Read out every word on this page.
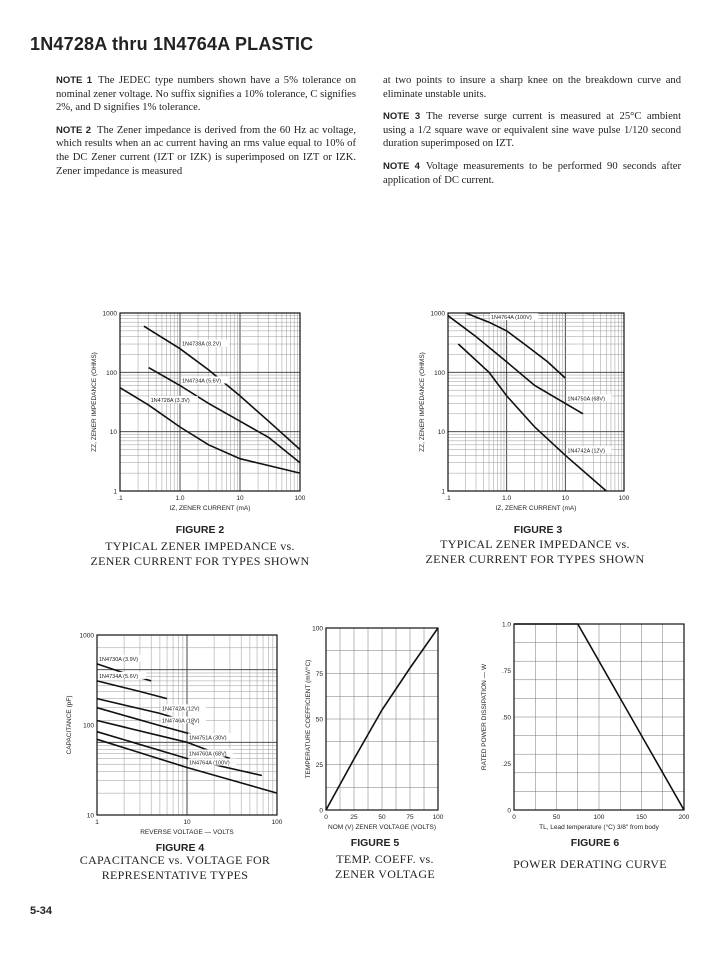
1N4728A thru 1N4764A PLASTIC

NOTE 1 The JEDEC type numbers shown have a 5% tolerance on nominal zener voltage. No suffix signifies a 10% tolerance, C signifies 2%, and D signifies 1% tolerance.

NOTE 2 The Zener impedance is derived from the 60 Hz ac voltage, which results when an ac current having an rms value equal to 10% of the DC Zener current (IZT or IZK) is superimposed on IZT or IZK. Zener impedance is measured

at two points to insure a sharp knee on the breakdown curve and eliminate unstable units.

NOTE 3 The reverse surge current is measured at 25°C ambient using a 1/2 square wave or equivalent sine wave pulse 1/120 second duration superimposed on IZT.

NOTE 4 Voltage measurements to be performed 90 seconds after application of DC current.

1N4738A (8.2V)
1N4734A (5.6V)
1N4728A (3.3V)
.1	1.0	10	100
1000
100
10
1
IZ, ZENER CURRENT (mA)
ZZ, ZENER IMPEDANCE (OHMS)
FIGURE 2
TYPICAL ZENER IMPEDANCE vs.
ZENER CURRENT FOR TYPES SHOWN
1N4764A (100V)
1N4750A (68V)
1N4742A (12V)
.1	1.0	10	100
1000
100
10
1
IZ, ZENER CURRENT (mA)
ZZ, ZENER IMPEDANCE (OHMS)
FIGURE 3
TYPICAL ZENER IMPEDANCE vs.
ZENER CURRENT FOR TYPES SHOWN
1N4730A (3.9V)
1N4734A (5.6V)
1N4742A (12V)
1N4746A (18V)
1N4751A (30V)
1N4760A (68V)
1N4764A (100V)
1	10	100
1000
100
10
REVERSE VOLTAGE — VOLTS
CAPACITANCE (pF)
FIGURE 4
CAPACITANCE vs. VOLTAGE FOR
REPRESENTATIVE TYPES
0	25	50	75	100
100
75
50
25
0
NOM (V) ZENER VOLTAGE (VOLTS)
TEMPERATURE COEFFICIENT (mV/°C)
FIGURE 5
TEMP. COEFF. vs.
ZENER VOLTAGE
0	50	100	150	200
1.0
.75
.50
.25
0
TL, Lead temperature (°C) 3/8" from body
RATED POWER DISSIPATION — W
FIGURE 6
POWER DERATING CURVE
5-34
